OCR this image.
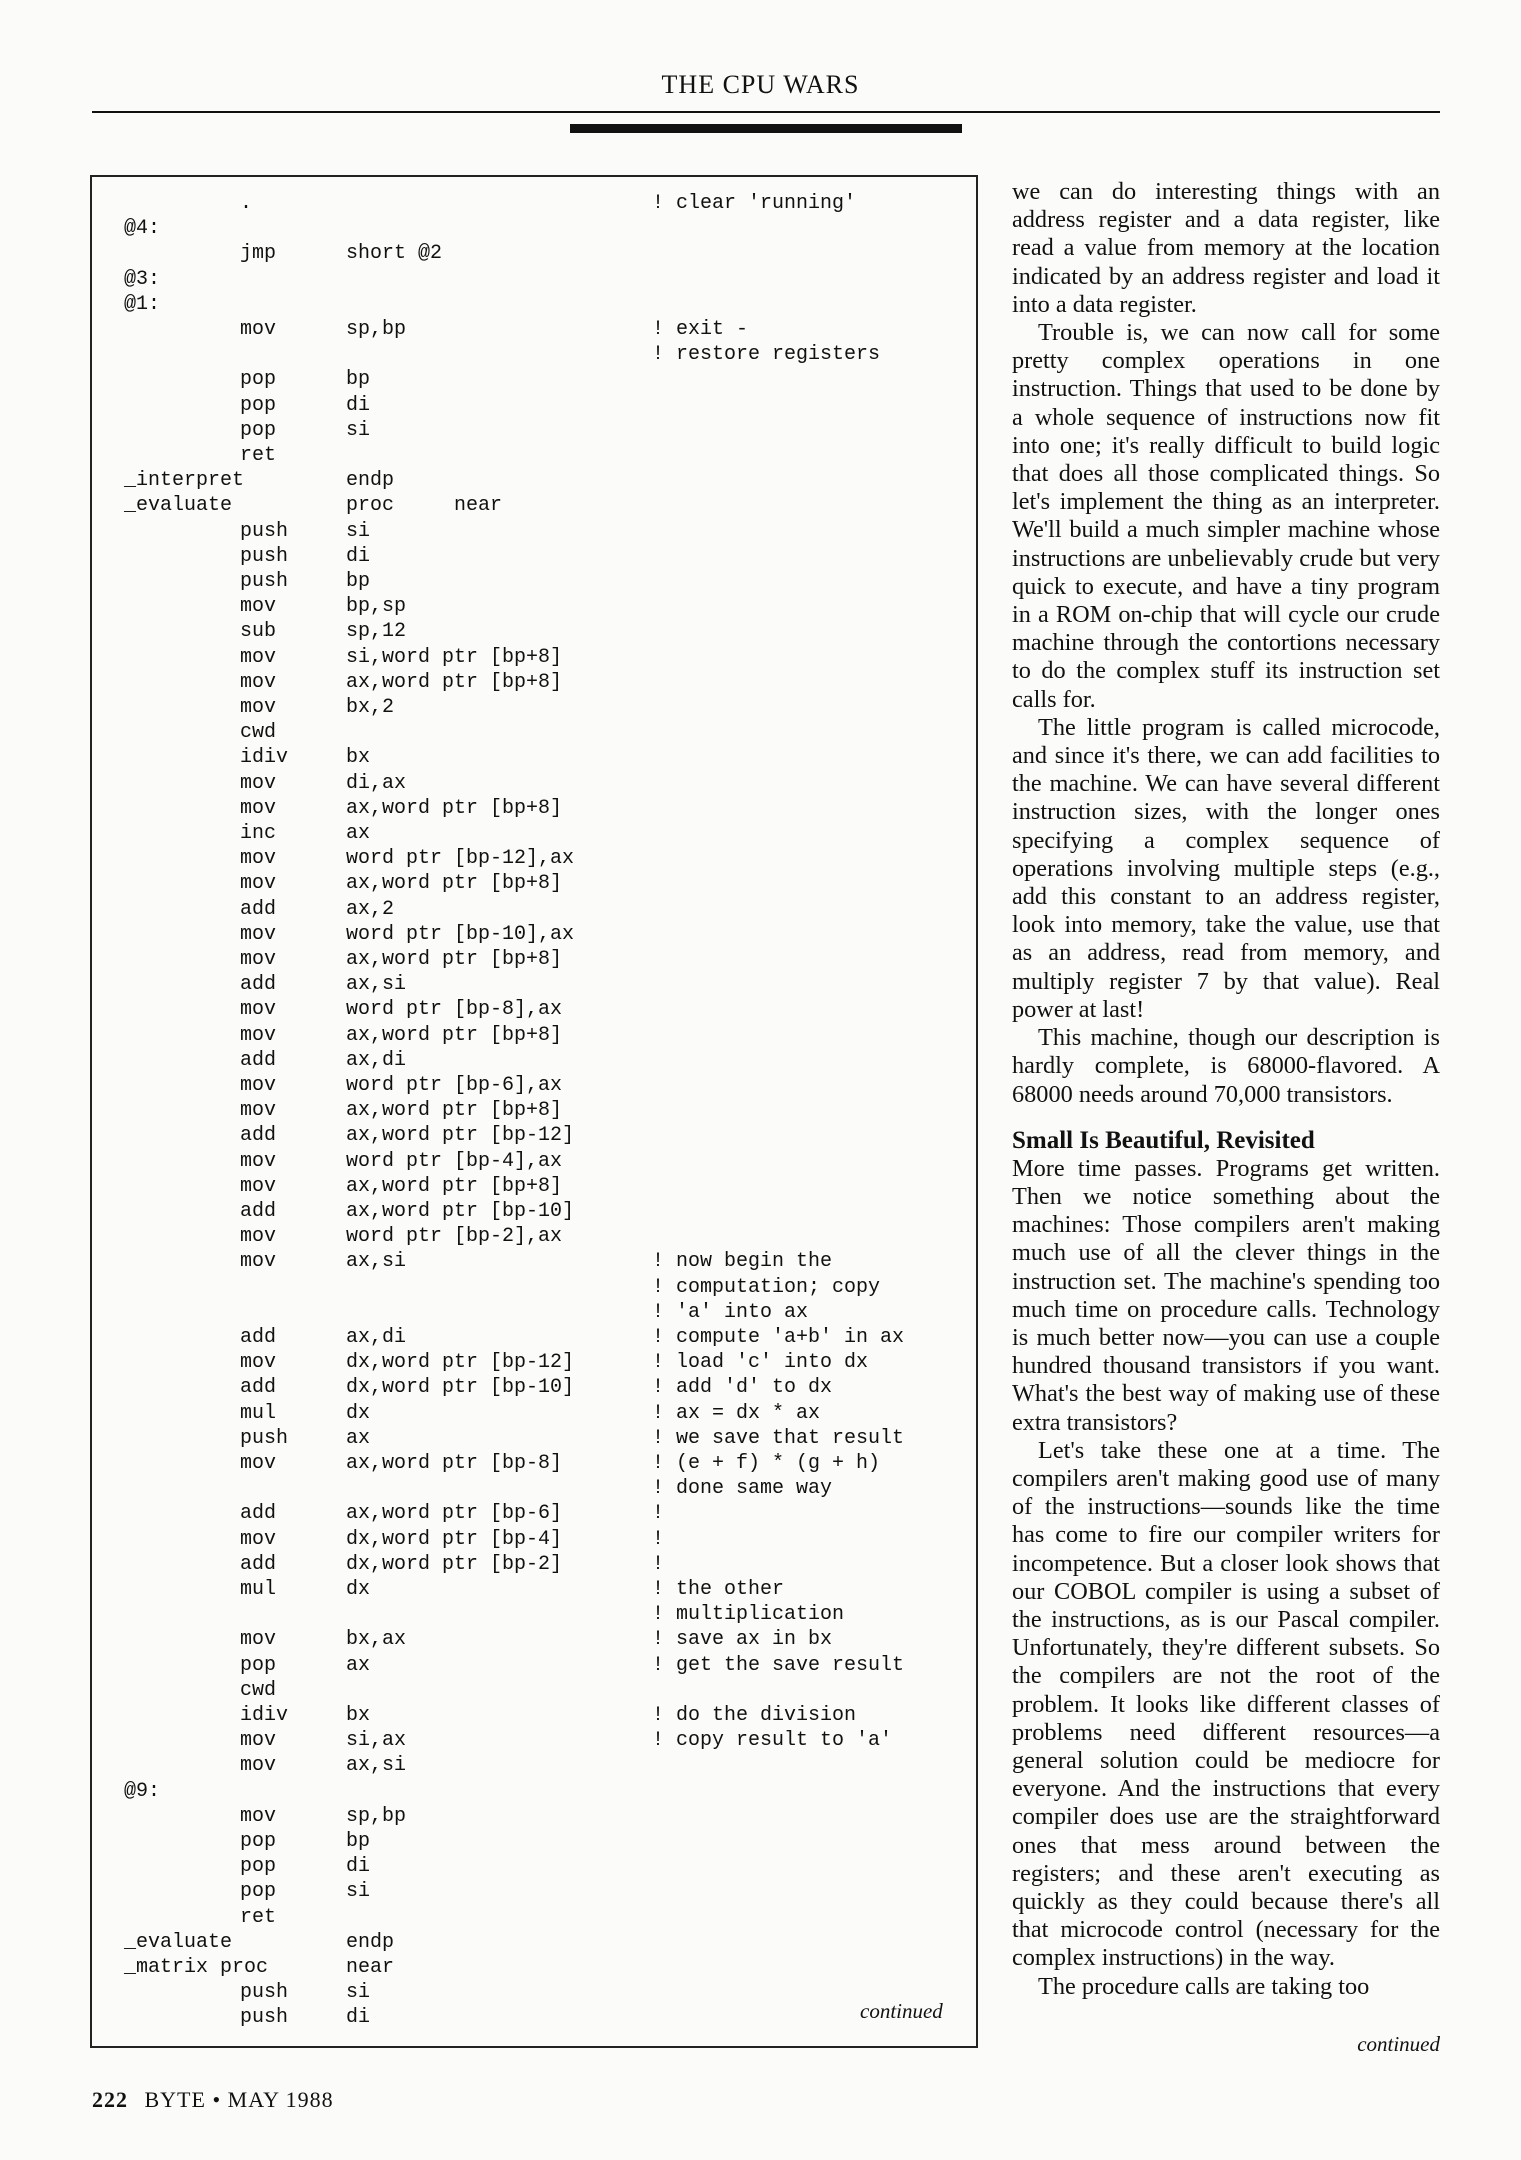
THE CPU WARS
continued
.	! clear 'running'
@4:
jmp	short @2
@3:
@1:
mov	sp,bp	! exit -
! restore registers
pop	bp
pop	di
pop	si
ret
_interpret	endp
_evaluate	proc     near
push	si
push	di
push	bp
mov	bp,sp
sub	sp,12
mov	si,word ptr [bp+8]
mov	ax,word ptr [bp+8]
mov	bx,2
cwd
idiv	bx
mov	di,ax
mov	ax,word ptr [bp+8]
inc	ax
mov	word ptr [bp-12],ax
mov	ax,word ptr [bp+8]
add	ax,2
mov	word ptr [bp-10],ax
mov	ax,word ptr [bp+8]
add	ax,si
mov	word ptr [bp-8],ax
mov	ax,word ptr [bp+8]
add	ax,di
mov	word ptr [bp-6],ax
mov	ax,word ptr [bp+8]
add	ax,word ptr [bp-12]
mov	word ptr [bp-4],ax
mov	ax,word ptr [bp+8]
add	ax,word ptr [bp-10]
mov	word ptr [bp-2],ax
mov	ax,si	! now begin the
! computation; copy
! 'a' into ax
add	ax,di	! compute 'a+b' in ax
mov	dx,word ptr [bp-12]	! load 'c' into dx
add	dx,word ptr [bp-10]	! add 'd' to dx
mul	dx	! ax = dx * ax
push	ax	! we save that result
mov	ax,word ptr [bp-8]	! (e + f) * (g + h)
! done same way
add	ax,word ptr [bp-6]	!
mov	dx,word ptr [bp-4]	!
add	dx,word ptr [bp-2]	!
mul	dx	! the other
! multiplication
mov	bx,ax	! save ax in bx
pop	ax	! get the save result
cwd
idiv	bx	! do the division
mov	si,ax	! copy result to 'a'
mov	ax,si
@9:
mov	sp,bp
pop	bp
pop	di
pop	si
ret
_evaluate	endp
_matrix proc	near
push	si
push	di

we can do interesting things with an address register and a data register, like read a value from memory at the location indicated by an address register and load it into a data register.

Trouble is, we can now call for some pretty complex operations in one instruction. Things that used to be done by a whole sequence of instructions now fit into one; it's really difficult to build logic that does all those complicated things. So let's implement the thing as an interpreter. We'll build a much simpler machine whose instructions are unbelievably crude but very quick to execute, and have a tiny program in a ROM on-chip that will cycle our crude machine through the contortions necessary to do the complex stuff its instruction set calls for.

The little program is called microcode, and since it's there, we can add facilities to the machine. We can have several different instruction sizes, with the longer ones specifying a complex sequence of operations involving multiple steps (e.g., add this constant to an address register, look into memory, take the value, use that as an address, read from memory, and multiply register 7 by that value). Real power at last!

This machine, though our description is hardly complete, is 68000-flavored. A 68000 needs around 70,000 transistors.

Small Is Beautiful, Revisited

More time passes. Programs get written. Then we notice something about the machines: Those compilers aren't making much use of all the clever things in the instruction set. The machine's spending too much time on procedure calls. Technology is much better now—you can use a couple hundred thousand transistors if you want. What's the best way of making use of these extra transistors?

Let's take these one at a time. The compilers aren't making good use of many of the instructions—sounds like the time has come to fire our compiler writers for incompetence. But a closer look shows that our COBOL compiler is using a subset of the instructions, as is our Pascal compiler. Unfortunately, they're different subsets. So the compilers are not the root of the problem. It looks like different classes of problems need different resources—a general solution could be mediocre for everyone. And the instructions that every compiler does use are the straightforward ones that mess around between the registers; and these aren't executing as quickly as they could because there's all that microcode control (necessary for the complex instructions) in the way.

The procedure calls are taking too

continued
222 BYTE • MAY 1988
